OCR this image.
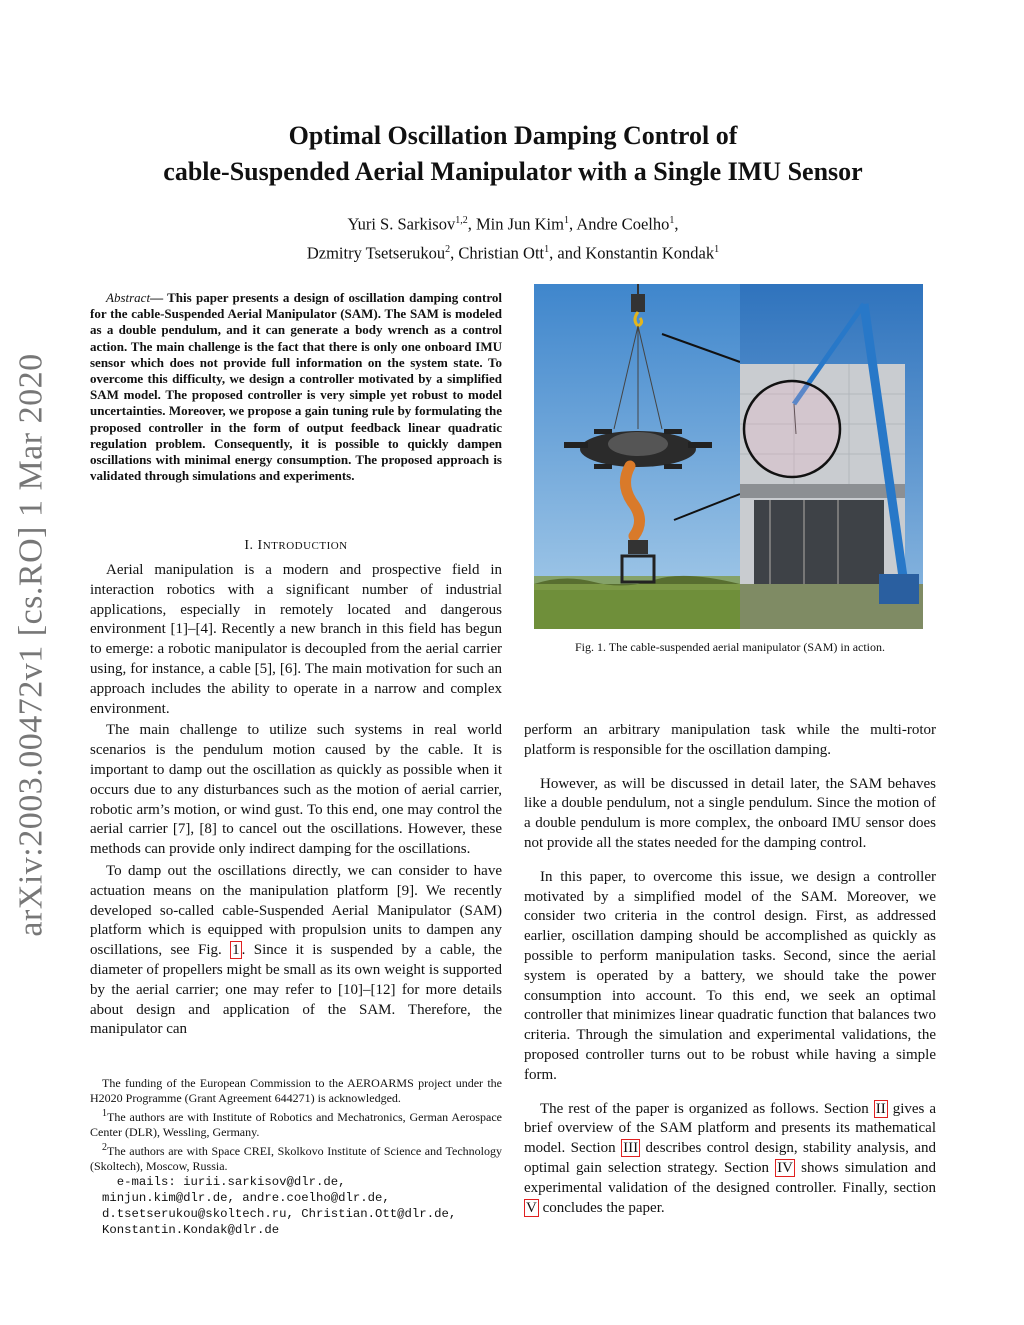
arXiv:2003.00472v1 [cs.RO] 1 Mar 2020
Optimal Oscillation Damping Control of
cable-Suspended Aerial Manipulator with a Single IMU Sensor
Yuri S. Sarkisov$^{1,2}$, Min Jun Kim$^1$, Andre Coelho$^1$,
Dzmitry Tsetserukou$^2$, Christian Ott$^1$, and Konstantin Kondak$^1$
Abstract— This paper presents a design of oscillation damping control for the cable-Suspended Aerial Manipulator (SAM). The SAM is modeled as a double pendulum, and it can generate a body wrench as a control action. The main challenge is the fact that there is only one onboard IMU sensor which does not provide full information on the system state. To overcome this difficulty, we design a controller motivated by a simplified SAM model. The proposed controller is very simple yet robust to model uncertainties. Moreover, we propose a gain tuning rule by formulating the proposed controller in the form of output feedback linear quadratic regulation problem. Consequently, it is possible to quickly dampen oscillations with minimal energy consumption. The proposed approach is validated through simulations and experiments.
I. INTRODUCTION

Aerial manipulation is a modern and prospective field in interaction robotics with a significant number of industrial applications, especially in remotely located and dangerous environment [1]–[4]. Recently a new branch in this field has begun to emerge: a robotic manipulator is decoupled from the aerial carrier using, for instance, a cable [5], [6]. The main motivation for such an approach includes the ability to operate in a narrow and complex environment.

The main challenge to utilize such systems in real world scenarios is the pendulum motion caused by the cable. It is important to damp out the oscillation as quickly as possible when it occurs due to any disturbances such as the motion of aerial carrier, robotic arm’s motion, or wind gust. To this end, one may control the aerial carrier [7], [8] to cancel out the oscillations. However, these methods can provide only indirect damping for the oscillations.

To damp out the oscillations directly, we can consider to have actuation means on the manipulation platform [9]. We recently developed so-called cable-Suspended Aerial Manipulator (SAM) platform which is equipped with propulsion units to dampen any oscillations, see Fig. 1 . Since it is suspended by a cable, the diameter of propellers might be small as its own weight is supported by the aerial carrier; one may refer to [10]–[12] for more details about design and application of the SAM. Therefore, the manipulator can

The funding of the European Commission to the AEROARMS project under the H2020 Programme (Grant Agreement 644271) is acknowledged.
$^1$The authors are with Institute of Robotics and Mechatronics, German Aerospace Center (DLR), Wessling, Germany.
$^2$The authors are with Space CREI, Skolkovo Institute of Science and Technology (Skoltech), Moscow, Russia.
e-mails: iurii.sarkisov@dlr.de,
minjun.kim@dlr.de, andre.coelho@dlr.de,
d.tsetserukou@skoltech.ru, Christian.Ott@dlr.de,
Konstantin.Kondak@dlr.de
Fig. 1. The cable-suspended aerial manipulator (SAM) in action.

perform an arbitrary manipulation task while the multi-rotor platform is responsible for the oscillation damping.

However, as will be discussed in detail later, the SAM behaves like a double pendulum, not a single pendulum. Since the motion of a double pendulum is more complex, the onboard IMU sensor does not provide all the states needed for the damping control.

In this paper, to overcome this issue, we design a controller motivated by a simplified model of the SAM. Moreover, we consider two criteria in the control design. First, as addressed earlier, oscillation damping should be accomplished as quickly as possible to perform manipulation tasks. Second, since the aerial system is operated by a battery, we should take the power consumption into account. To this end, we seek an optimal controller that minimizes linear quadratic function that balances two criteria. Through the simulation and experimental validations, the proposed controller turns out to be robust while having a simple form.

The rest of the paper is organized as follows. Section II gives a brief overview of the SAM platform and presents its mathematical model. Section III describes control design, stability analysis, and optimal gain selection strategy. Section IV shows simulation and experimental validation of the designed controller. Finally, section V concludes the paper.
